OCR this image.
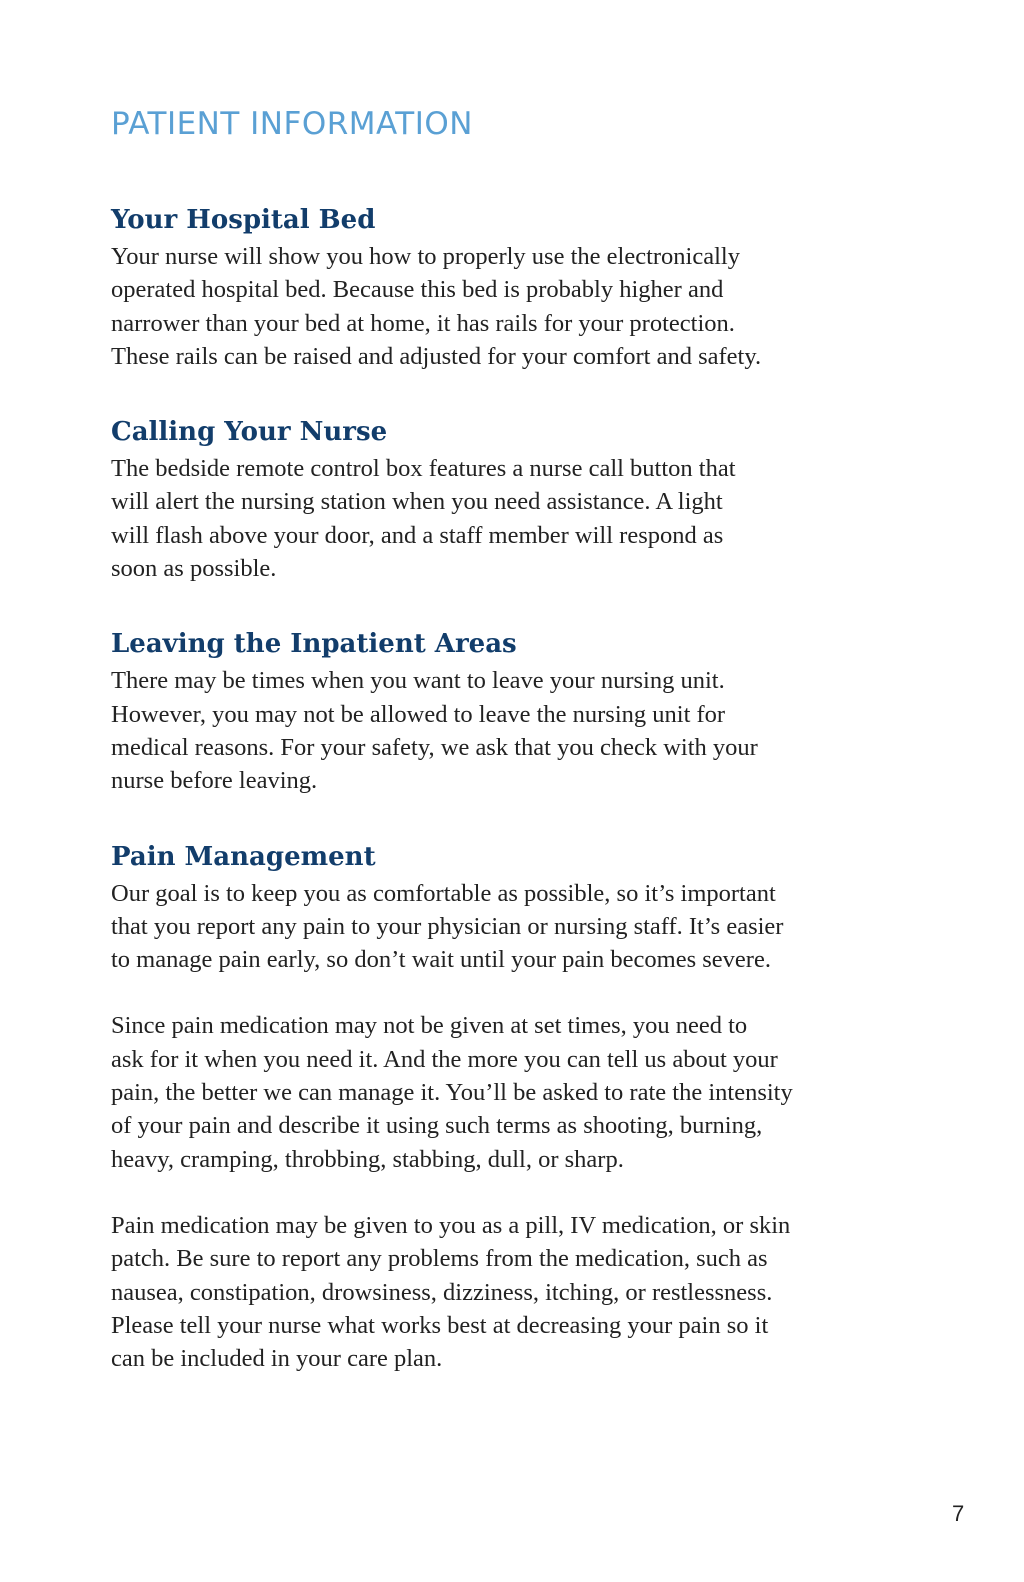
PATIENT INFORMATION
Your Hospital Bed

Your nurse will show you how to properly use the electronically
operated hospital bed. Because this bed is probably higher and
narrower than your bed at home, it has rails for your protection.
These rails can be raised and adjusted for your comfort and safety.

Calling Your Nurse

The bedside remote control box features a nurse call button that
will alert the nursing station when you need assistance. A light
will flash above your door, and a staff member will respond as
soon as possible.

Leaving the Inpatient Areas

There may be times when you want to leave your nursing unit.
However, you may not be allowed to leave the nursing unit for
medical reasons. For your safety, we ask that you check with your
nurse before leaving.

Pain Management

Our goal is to keep you as comfortable as possible, so it’s important
that you report any pain to your physician or nursing staff. It’s easier
to manage pain early, so don’t wait until your pain becomes severe.

Since pain medication may not be given at set times, you need to
ask for it when you need it. And the more you can tell us about your
pain, the better we can manage it. You’ll be asked to rate the intensity
of your pain and describe it using such terms as shooting, burning,
heavy, cramping, throbbing, stabbing, dull, or sharp.

Pain medication may be given to you as a pill, IV medication, or skin
patch. Be sure to report any problems from the medication, such as
nausea, constipation, drowsiness, dizziness, itching, or restlessness.
Please tell your nurse what works best at decreasing your pain so it
can be included in your care plan.

7
